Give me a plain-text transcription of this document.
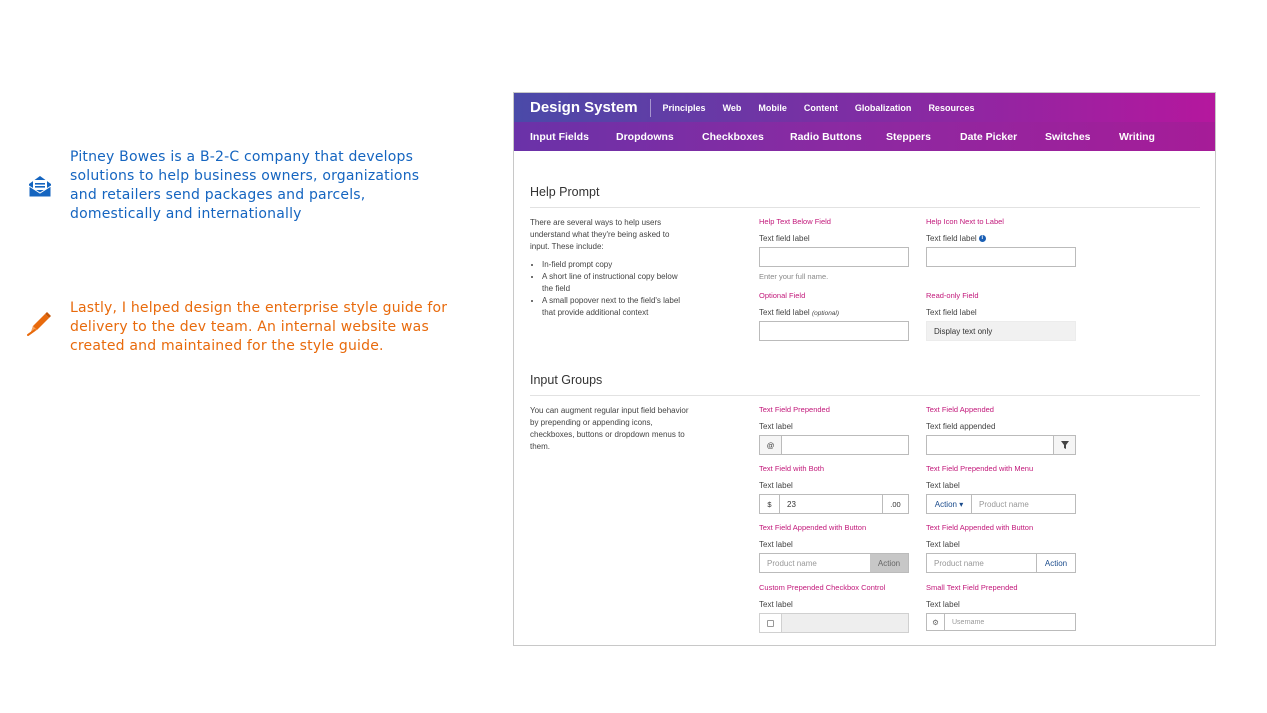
Pitney Bowes is a B-2-C company that develops solutions to help business owners, organizations and retailers send packages and parcels, domestically and internationally

Lastly, I helped design the enterprise style guide for delivery to the dev team. An internal website was created and maintained for the style guide.

Design System	Principles Web Mobile Content Globalization Resources
Input Fields	Dropdowns	Checkboxes	Radio Buttons	Steppers	Date Picker	Switches	Writing
Help Prompt
There are several ways to help users understand what they're being asked to input. These include:
• In-field prompt copy
• A short line of instructional copy below the field
• A small popover next to the field's label that provide additional context
Help Text Below Field
Text field label
Enter your full name.
Help Icon Next to Label
Text field label i
Optional Field
Text field label (optional)
Read-only Field
Text field label
Display text only
Input Groups
You can augment regular input field behavior by prepending or appending icons, checkboxes, buttons or dropdown menus to them.
Text Field Prepended
Text label
@
Text Field Appended
Text field appended
Text Field with Both
Text label
$	23	.00
Text Field Prepended with Menu
Text label
Action ▾	Product name
Text Field Appended with Button
Text label
Product name	Action
Text Field Appended with Button
Text label
Product name	Action
Custom Prepended Checkbox Control
Text label
Small Text Field Prepended
Text label
⚙	Username
